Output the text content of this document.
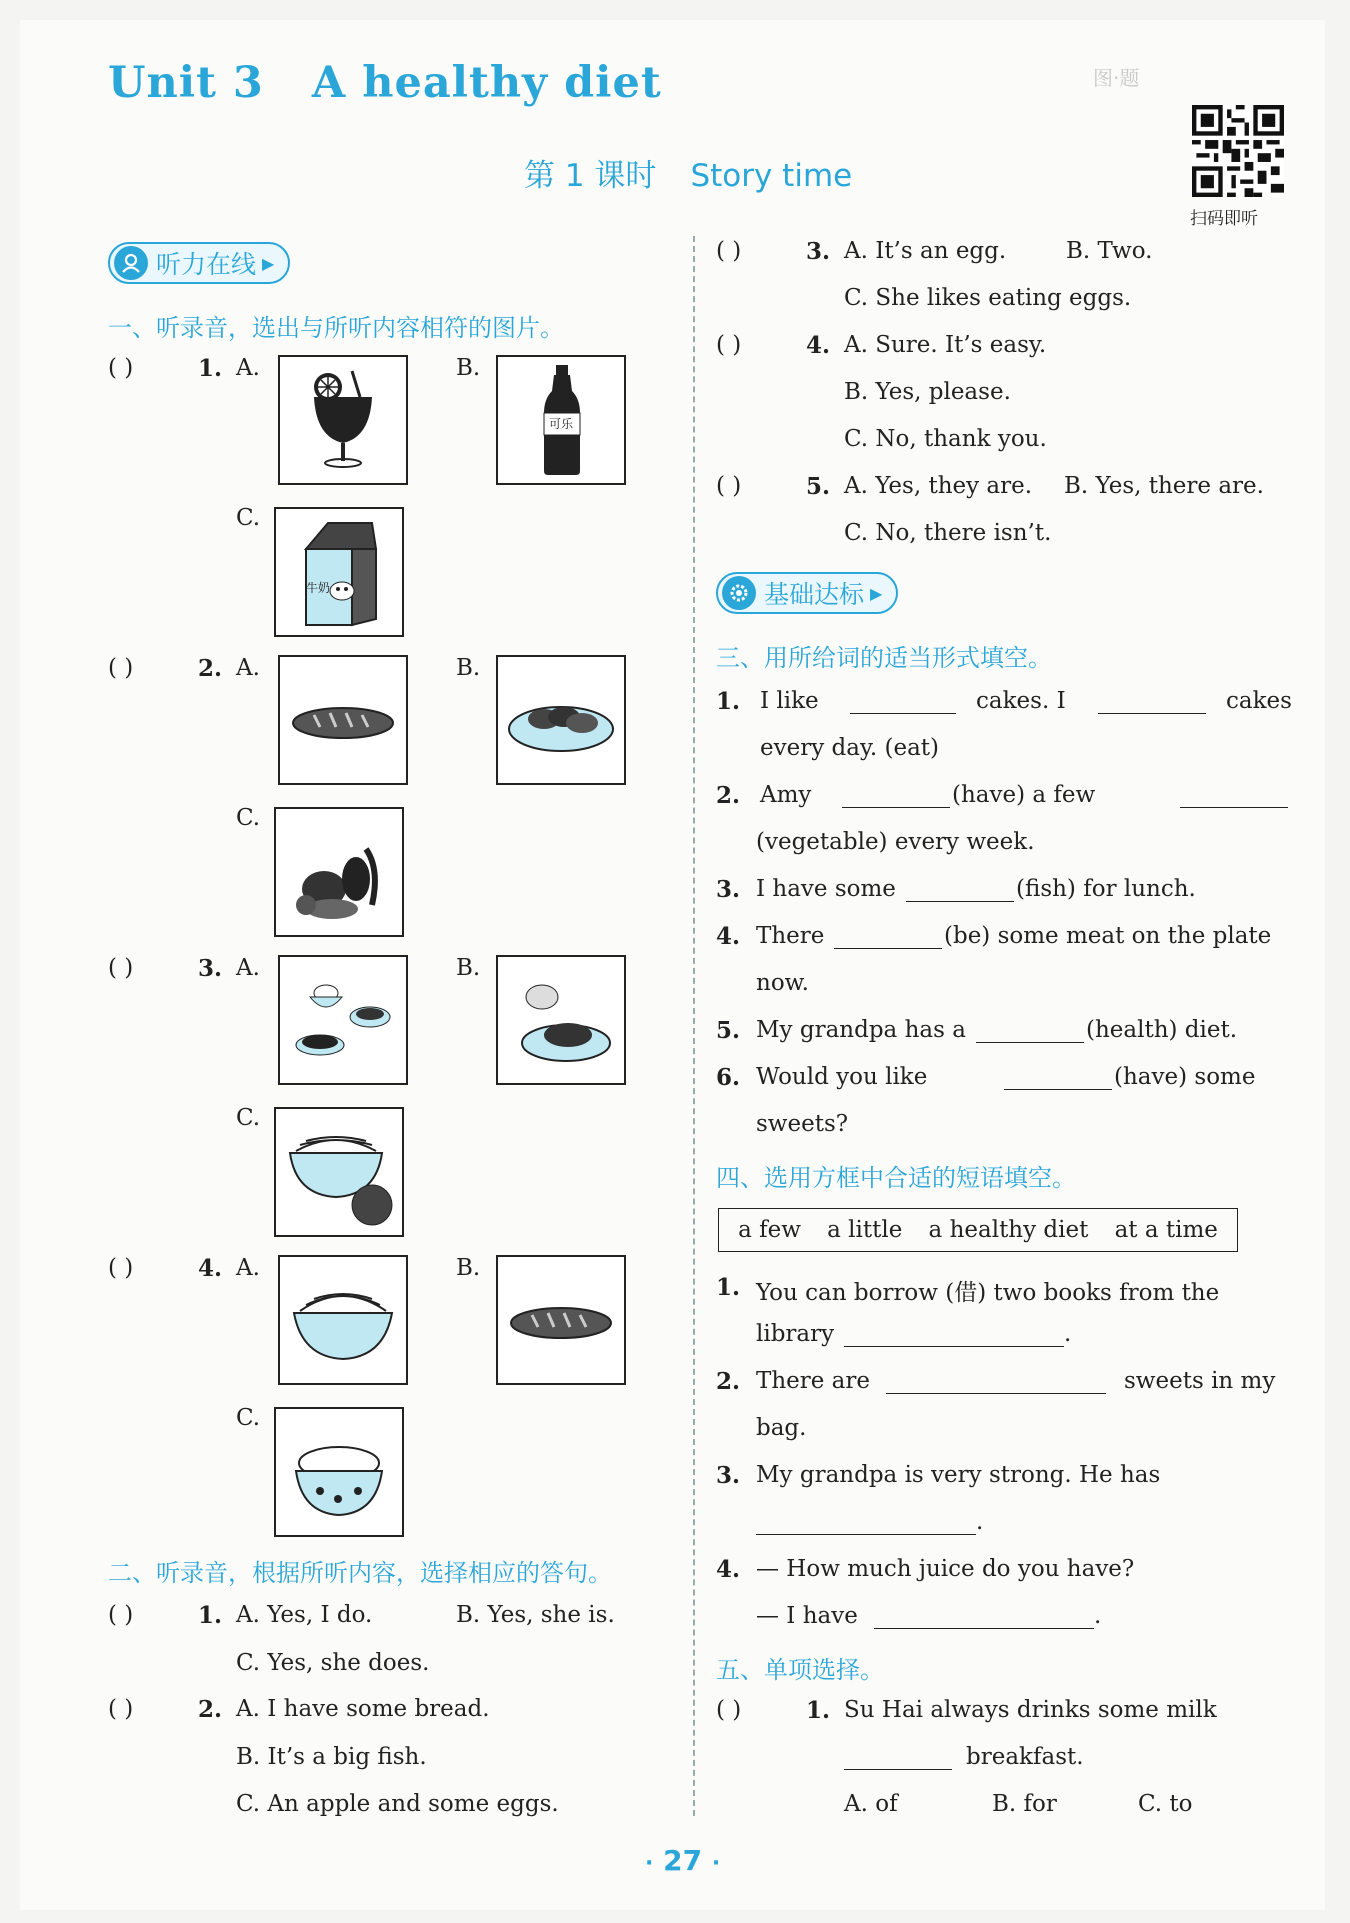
Unit 3 A healthy diet
第 1 课时 Story time
图·题
扫码即听
听力在线 ▶
一、听录音，选出与所听内容相符的图片。
( )	1. A.	B.
可乐
C.
牛奶
( )	2. A.	B.
C.
( )	3. A.	B.
C.
( )	4. A.	B.
C.
二、听录音，根据所听内容，选择相应的答句。
( )	1. A. Yes, I do.	B. Yes, she is.
C. Yes, she does.
( )	2. A. I have some bread.
B. It’s a big fish.
C. An apple and some eggs.
( )	3. A. It’s an egg.	B. Two.
C. She likes eating eggs.
( )	4. A. Sure. It’s easy.
B. Yes, please.
C. No, thank you.
( )	5. A. Yes, they are. B. Yes, there are.
C. No, there isn’t.
基础达标 ▶
三、用所给词的适当形式填空。
1. I like	cakes. I	cakes
every day. (eat)
2. Amy	(have) a few
(vegetable) every week.
3. I have some	(fish) for lunch.
4. There	(be) some meat on the plate
now.
5. My grandpa has a	(health) diet.
6. Would you like	(have) some
sweets?
四、选用方框中合适的短语填空。
a few a little a healthy diet at a time
1. You can borrow (借) two books from the
library	.
2. There are	sweets in my
bag.
3. My grandpa is very strong. He has
.
4. — How much juice do you have?
— I have	.
五、单项选择。
( )	1. Su Hai always drinks some milk
breakfast.
A. of	B. for	C. to
· 27 ·
